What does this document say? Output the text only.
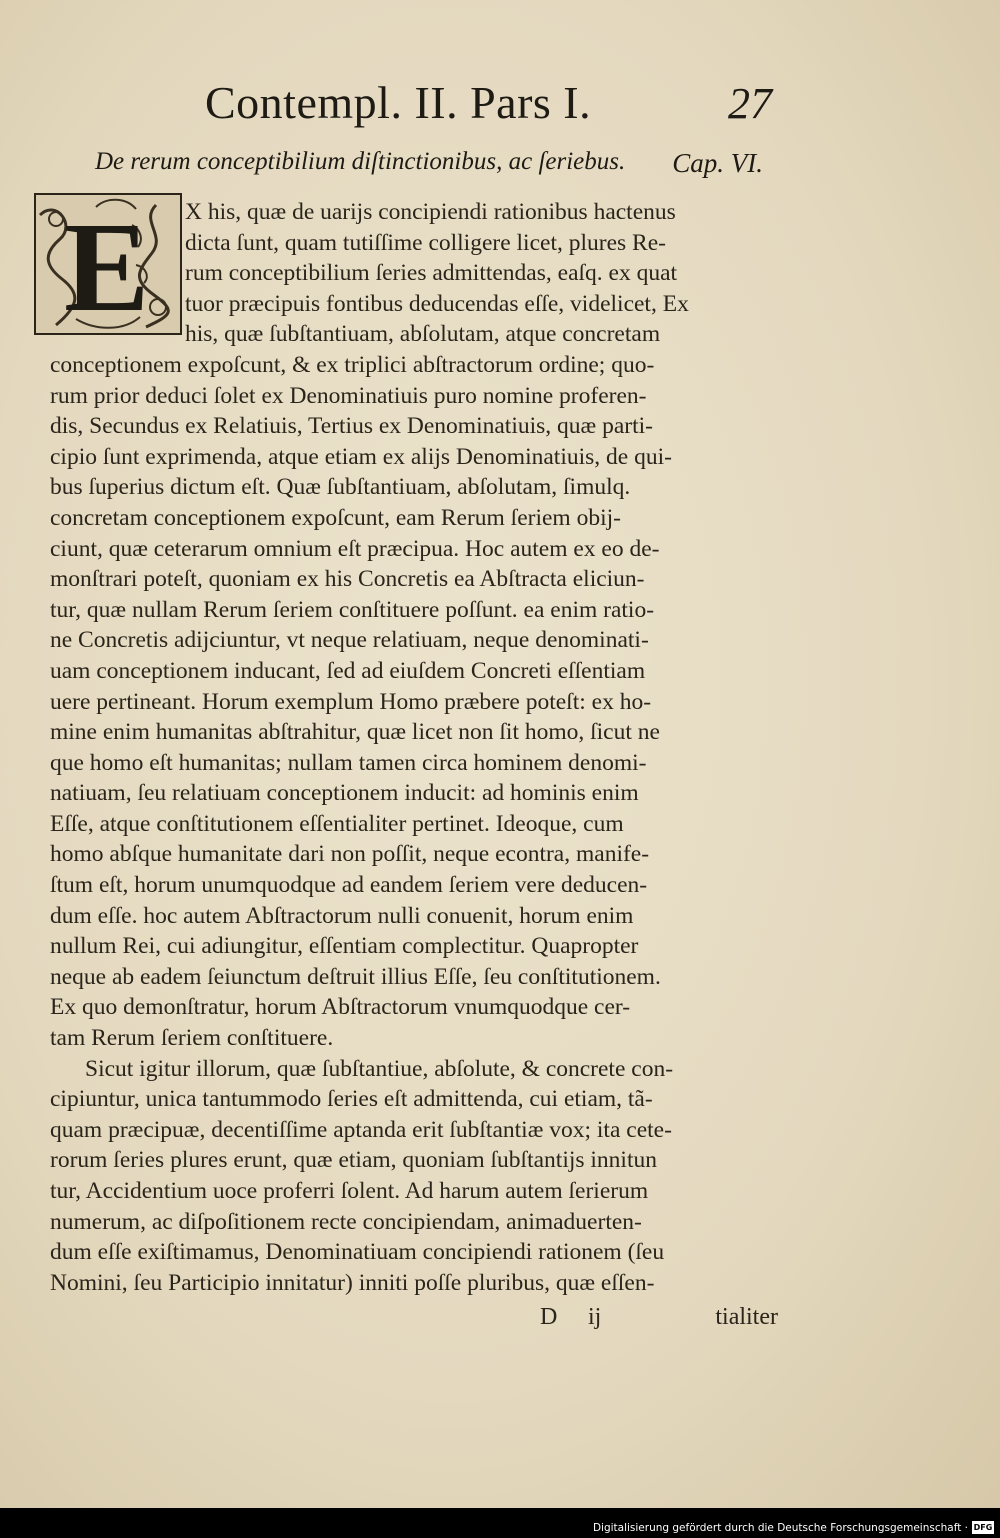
Contempl. II. Pars I.	27
De rerum conceptibilium diſtinctionibus, ac ſeriebus. Cap. VI.
E	X his, quæ de uarijs concipiendi rationibus hactenus
dicta ſunt, quam tutiſſime colligere licet, plures Re-
rum conceptibilium ſeries admittendas, eaſq. ex quat
tuor præcipuis fontibus deducendas eſſe, videlicet, Ex
his, quæ ſubſtantiuam, abſolutam, atque concretam
conceptionem expoſcunt, & ex triplici abſtractorum ordine; quo-
rum prior deduci ſolet ex Denominatiuis puro nomine proferen-
dis, Secundus ex Relatiuis, Tertius ex Denominatiuis, quæ parti-
cipio ſunt exprimenda, atque etiam ex alijs Denominatiuis, de qui-
bus ſuperius dictum eſt. Quæ ſubſtantiuam, abſolutam, ſimulq.
concretam conceptionem expoſcunt, eam Rerum ſeriem obij-
ciunt, quæ ceterarum omnium eſt præcipua. Hoc autem ex eo de-
monſtrari poteſt, quoniam ex his Concretis ea Abſtracta eliciun-
tur, quæ nullam Rerum ſeriem conſtituere poſſunt. ea enim ratio-
ne Concretis adijciuntur, vt neque relatiuam, neque denominati-
uam conceptionem inducant, ſed ad eiuſdem Concreti eſſentiam
uere pertineant. Horum exemplum Homo præbere poteſt: ex ho-
mine enim humanitas abſtrahitur, quæ licet non ſit homo, ſicut ne
que homo eſt humanitas; nullam tamen circa hominem denomi-
natiuam, ſeu relatiuam conceptionem inducit: ad hominis enim
Eſſe, atque conſtitutionem eſſentialiter pertinet. Ideoque, cum
homo abſque humanitate dari non poſſit, neque econtra, manife-
ſtum eſt, horum unumquodque ad eandem ſeriem vere deducen-
dum eſſe. hoc autem Abſtractorum nulli conuenit, horum enim
nullum Rei, cui adiungitur, eſſentiam complectitur. Quapropter
neque ab eadem ſeiunctum deſtruit illius Eſſe, ſeu conſtitutionem.
Ex quo demonſtratur, horum Abſtractorum vnumquodque cer-
tam Rerum ſeriem conſtituere.
Sicut igitur illorum, quæ ſubſtantiue, abſolute, & concrete con-
cipiuntur, unica tantummodo ſeries eſt admittenda, cui etiam, tã-
quam præcipuæ, decentiſſime aptanda erit ſubſtantiæ vox; ita cete-
rorum ſeries plures erunt, quæ etiam, quoniam ſubſtantijs innitun
tur, Accidentium uoce proferri ſolent. Ad harum autem ſerierum
numerum, ac diſpoſitionem recte concipiendam, animaduerten-
dum eſſe exiſtimamus, Denominatiuam concipiendi rationem (ſeu
Nomini, ſeu Participio innitatur) inniti poſſe pluribus, quæ eſſen-
D ij	tialiter
Digitalisierung gefördert durch die Deutsche Forschungsgemeinschaft · DFG
